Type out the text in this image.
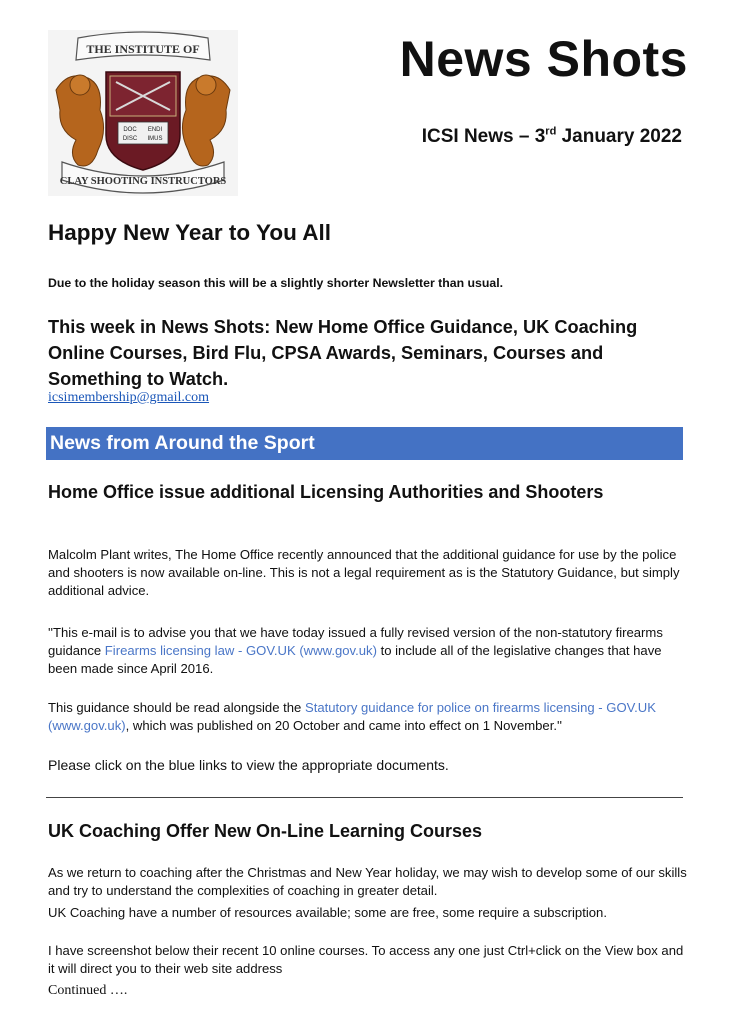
THE INSTITUTE OF
DOC ENDI
DISC IMUS
CLAY SHOOTING INSTRUCTORS
News Shots
ICSI News – 3rd January 2022
Happy New Year to You All
Due to the holiday season this will be a slightly shorter Newsletter than usual.
This week in News Shots: New Home Office Guidance, UK Coaching Online Courses, Bird Flu, CPSA Awards, Seminars, Courses and Something to Watch.
icsimembership@gmail.com
News from Around the Sport
Home Office issue additional Licensing Authorities and Shooters
Malcolm Plant writes, The Home Office recently announced that the additional guidance for use by the police and shooters is now available on-line. This is not a legal requirement as is the Statutory Guidance, but simply additional advice.
''This e-mail is to advise you that we have today issued a fully revised version of the non-statutory firearms guidance Firearms licensing law - GOV.UK (www.gov.uk) to include all of the legislative changes that have been made since April 2016.
This guidance should be read alongside the Statutory guidance for police on firearms licensing - GOV.UK (www.gov.uk), which was published on 20 October and came into effect on 1 November.''
Please click on the blue links to view the appropriate documents.
UK Coaching Offer New On-Line Learning Courses
As we return to coaching after the Christmas and New Year holiday, we may wish to develop some of our skills and try to understand the complexities of coaching in greater detail.
UK Coaching have a number of resources available; some are free, some require a subscription.
I have screenshot below their recent 10 online courses. To access any one just Ctrl+click on the View box and it will direct you to their web site address
Continued ….
